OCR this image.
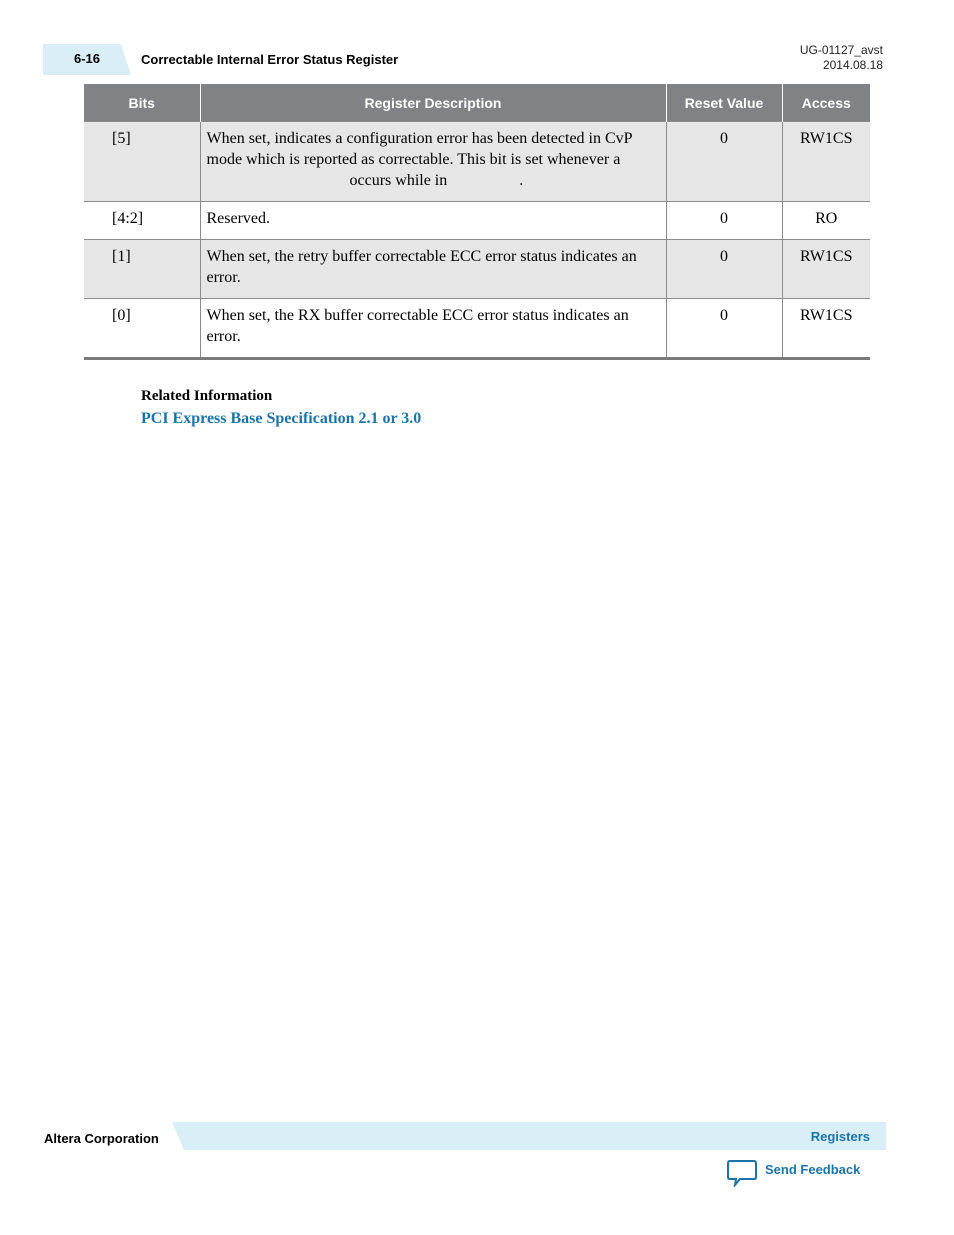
6-16	Correctable Internal Error Status Register
UG-01127_avst
2014.08.18
Bits	Register Description	Reset Value	Access
[5]	When set, indicates a configuration error has been detected in CvP mode which is reported as correctable. This bit is set whenever aoccurs while in .	0	RW1CS
[4:2]	Reserved.	0	RO
[1]	When set, the retry buffer correctable ECC error status indicates an error.	0	RW1CS
[0]	When set, the RX buffer correctable ECC error status indicates an error.	0	RW1CS
Related Information
PCI Express Base Specification 2.1 or 3.0
Altera Corporation	Registers
Send Feedback
